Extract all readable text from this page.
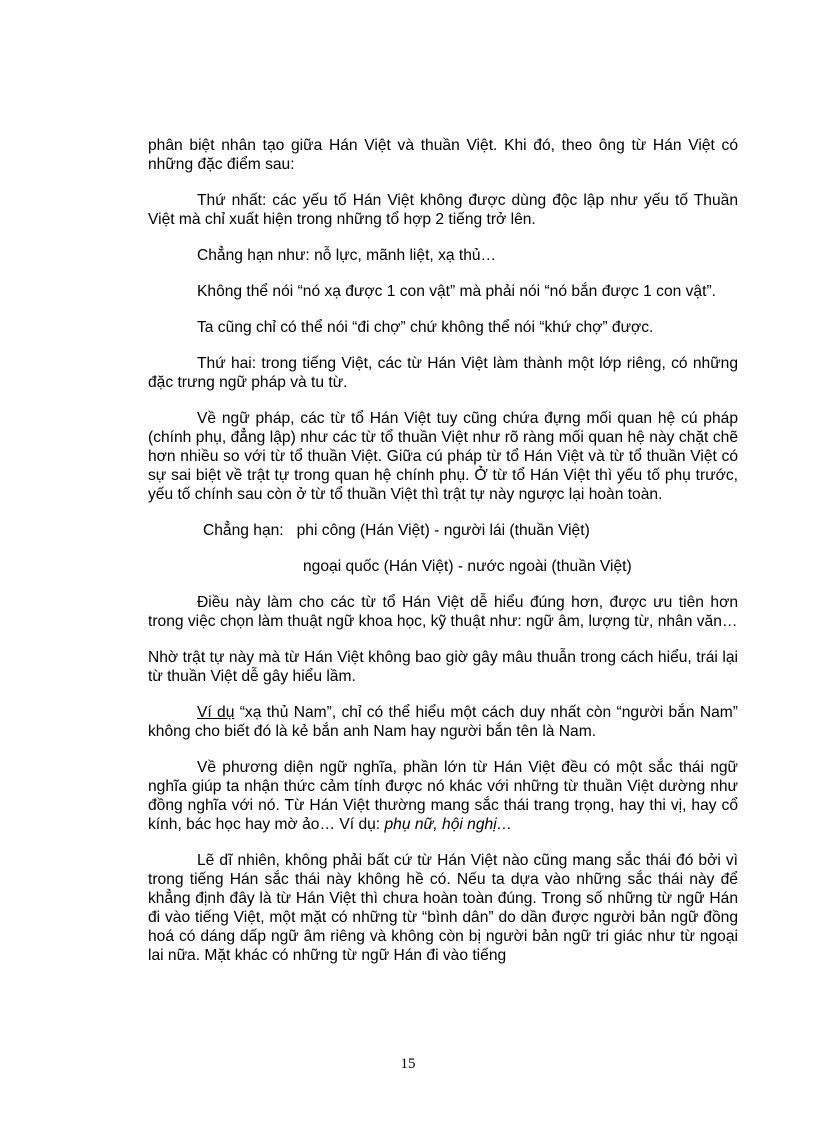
phân biệt nhân tạo giữa Hán Việt và thuần Việt. Khi đó, theo ông từ Hán Việt có những đặc điểm sau:

Thứ nhất: các yếu tố Hán Việt không được dùng độc lập như yếu tố Thuần Việt mà chỉ xuất hiện trong những tổ hợp 2 tiếng trở lên.

Chẳng hạn như: nỗ lực, mãnh liệt, xạ thủ…

Không thể nói “nó xạ được 1 con vật” mà phải nói “nó bắn được 1 con vật”.

Ta cũng chỉ có thể nói “đi chợ” chứ không thể nói “khứ chợ” được.

Thứ hai: trong tiếng Việt, các từ Hán Việt làm thành một lớp riêng, có những đặc trưng ngữ pháp và tu từ.

Về ngữ pháp, các từ tổ Hán Việt tuy cũng chứa đựng mối quan hệ cú pháp (chính phụ, đẳng lập) như các từ tổ thuần Việt như rõ ràng mối quan hệ này chặt chẽ hơn nhiều so với từ tổ thuần Việt. Giữa cú pháp từ tổ Hán Việt và từ tổ thuần Việt có sự sai biệt về trật tự trong quan hệ chính phụ. Ở từ tổ Hán Việt thì yếu tố phụ trước, yếu tố chính sau còn ở từ tổ thuần Việt thì trật tự này ngược lại hoàn toàn.

Chẳng hạn:   phi công (Hán Việt) - người lái (thuần Việt)

ngoại quốc (Hán Việt) - nước ngoài (thuần Việt)

Điều này làm cho các từ tổ Hán Việt dễ hiểu đúng hơn, được ưu tiên hơn trong việc chọn làm thuật ngữ khoa học, kỹ thuật như: ngữ âm, lượng từ, nhân văn…

Nhờ trật tự này mà từ Hán Việt không bao giờ gây mâu thuẫn trong cách hiểu, trái lại từ thuần Việt dễ gây hiểu lầm.

Ví dụ “xạ thủ Nam”, chỉ có thể hiểu một cách duy nhất còn “người bắn Nam” không cho biết đó là kẻ bắn anh Nam hay người bắn tên là Nam.

Về phương diện ngữ nghĩa, phần lớn từ Hán Việt đều có một sắc thái ngữ nghĩa giúp ta nhận thức cảm tính được nó khác với những từ thuần Việt dường như đồng nghĩa với nó. Từ Hán Việt thường mang sắc thái trang trọng, hay thi vị, hay cổ kính, bác học hay mờ ảo… Ví dụ: phụ nữ, hội nghị…

Lẽ dĩ nhiên, không phải bất cứ từ Hán Việt nào cũng mang sắc thái đó bởi vì trong tiếng Hán sắc thái này không hề có. Nếu ta dựa vào những sắc thái này để khẳng định đây là từ Hán Việt thì chưa hoàn toàn đúng. Trong số những từ ngữ Hán đi vào tiếng Việt, một mặt có những từ “bình dân” do dần được người bản ngữ đồng hoá có dáng dấp ngữ âm riêng và không còn bị người bản ngữ tri giác như từ ngoại lai nữa. Mặt khác có những từ ngữ Hán đi vào tiếng

15
